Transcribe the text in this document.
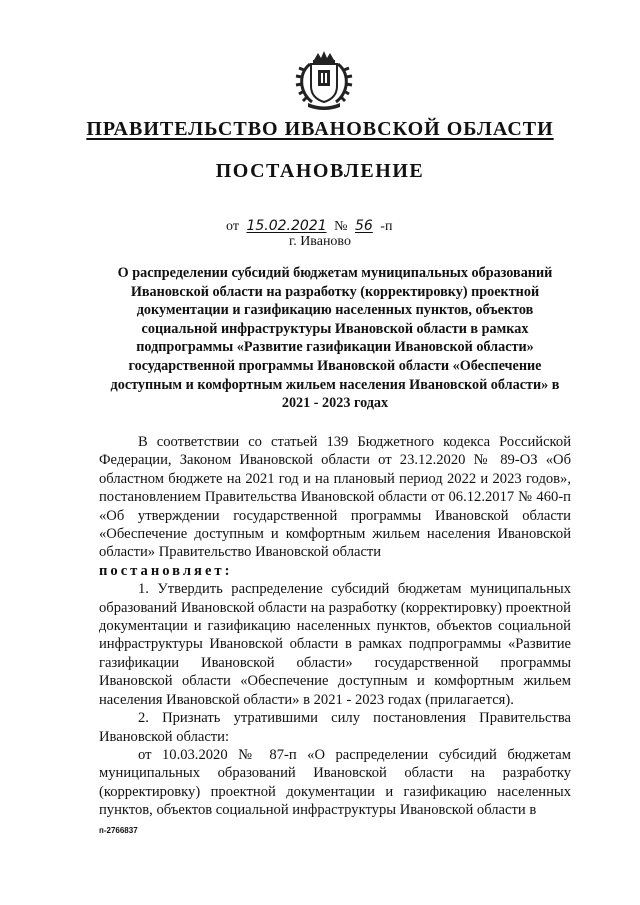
ПРАВИТЕЛЬСТВО ИВАНОВСКОЙ ОБЛАСТИ
ПОСТАНОВЛЕНИЕ
от 15.02.2021 № 56 -п
г. Иваново
О распределении субсидий бюджетам муниципальных образований Ивановской области на разработку (корректировку) проектной документации и газификацию населенных пунктов, объектов социальной инфраструктуры Ивановской области в рамках подпрограммы «Развитие газификации Ивановской области» государственной программы Ивановской области «Обеспечение доступным и комфортным жильем населения Ивановской области» в 2021 - 2023 годах

В соответствии со статьей 139 Бюджетного кодекса Российской Федерации, Законом Ивановской области от 23.12.2020 № 89-ОЗ «Об областном бюджете на 2021 год и на плановый период 2022 и 2023 годов», постановлением Правительства Ивановской области от 06.12.2017 № 460-п «Об утверждении государственной программы Ивановской области «Обеспечение доступным и комфортным жильем населения Ивановской области» Правительство Ивановской области

постановляет:

1. Утвердить распределение субсидий бюджетам муниципальных образований Ивановской области на разработку (корректировку) проектной документации и газификацию населенных пунктов, объектов социальной инфраструктуры Ивановской области в рамках подпрограммы «Развитие газификации Ивановской области» государственной программы Ивановской области «Обеспечение доступным и комфортным жильем населения Ивановской области» в 2021 - 2023 годах (прилагается).

2. Признать утратившими силу постановления Правительства Ивановской области:

от 10.03.2020 № 87-п «О распределении субсидий бюджетам муниципальных образований Ивановской области на разработку (корректировку) проектной документации и газификацию населенных пунктов, объектов социальной инфраструктуры Ивановской области в

п-2766837
